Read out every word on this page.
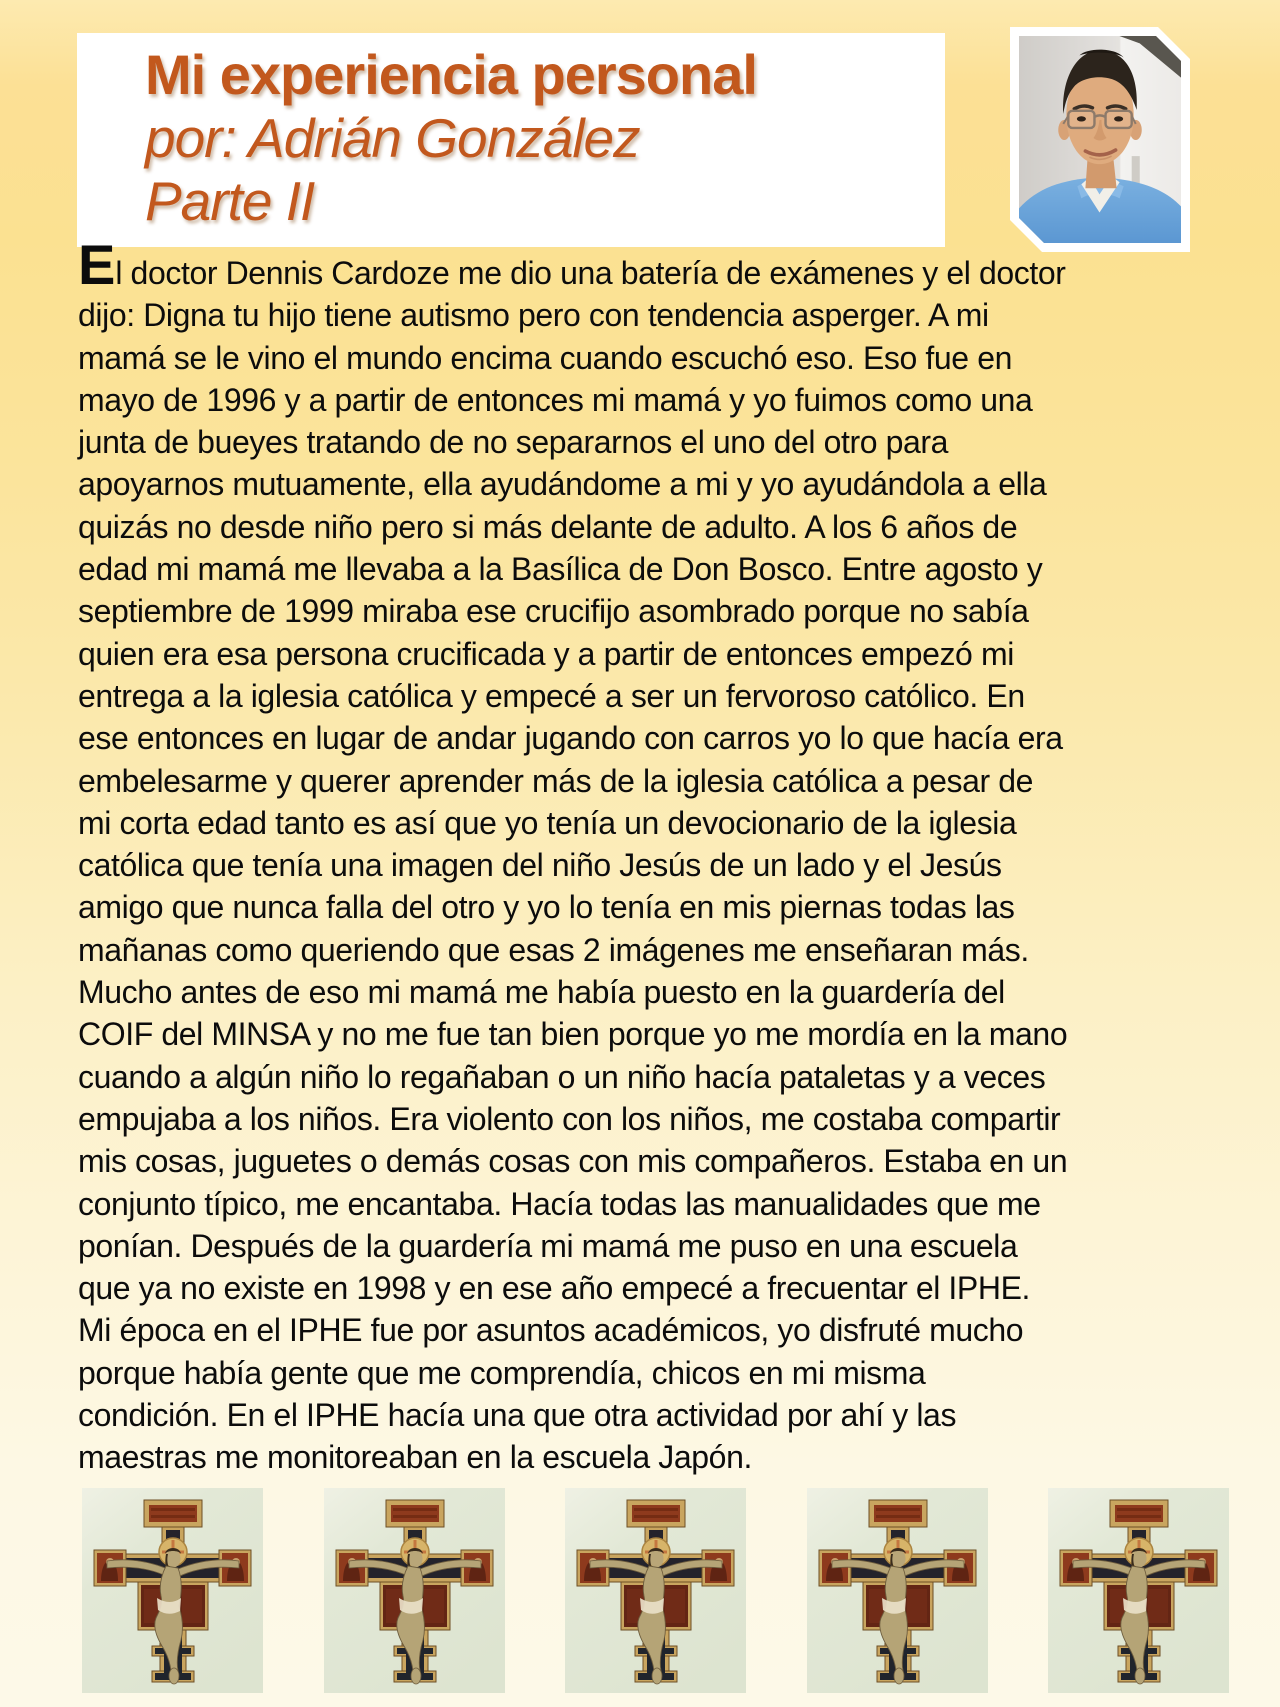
Mi experiencia personal
por: Adrián González
Parte II
El doctor Dennis Cardoze me dio una batería de exámenes y el doctor
dijo: Digna tu hijo tiene autismo pero con tendencia asperger. A mi
mamá se le vino el mundo encima cuando escuchó eso. Eso fue en
mayo de 1996 y a partir de entonces mi mamá y yo fuimos como una
junta de bueyes tratando de no separarnos el uno del otro para
apoyarnos mutuamente, ella ayudándome a mi y yo ayudándola a ella
quizás no desde niño pero si más delante de adulto. A los 6 años de
edad mi mamá me llevaba a la Basílica de Don Bosco. Entre agosto y
septiembre de 1999 miraba ese crucifijo asombrado porque no sabía
quien era esa persona crucificada y a partir de entonces empezó mi
entrega a la iglesia católica y empecé a ser un fervoroso católico. En
ese entonces en lugar de andar jugando con carros yo lo que hacía era
embelesarme y querer aprender más de la iglesia católica a pesar de
mi corta edad tanto es así que yo tenía un devocionario de la iglesia
católica que tenía una imagen del niño Jesús de un lado y el Jesús
amigo que nunca falla del otro y yo lo tenía en mis piernas todas las
mañanas como queriendo que esas 2 imágenes me enseñaran más.
Mucho antes de eso mi mamá me había puesto en la guardería del
COIF del MINSA y no me fue tan bien porque yo me mordía en la mano
cuando a algún niño lo regañaban o un niño hacía pataletas y a veces
empujaba a los niños. Era violento con los niños, me costaba compartir
mis cosas, juguetes o demás cosas con mis compañeros. Estaba en un
conjunto típico, me encantaba. Hacía todas las manualidades que me
ponían. Después de la guardería mi mamá me puso en una escuela
que ya no existe en 1998 y en ese año empecé a frecuentar el IPHE.
Mi época en el IPHE fue por asuntos académicos, yo disfruté mucho
porque había gente que me comprendía, chicos en mi misma
condición. En el IPHE hacía una que otra actividad por ahí y las
maestras me monitoreaban en la escuela Japón.
